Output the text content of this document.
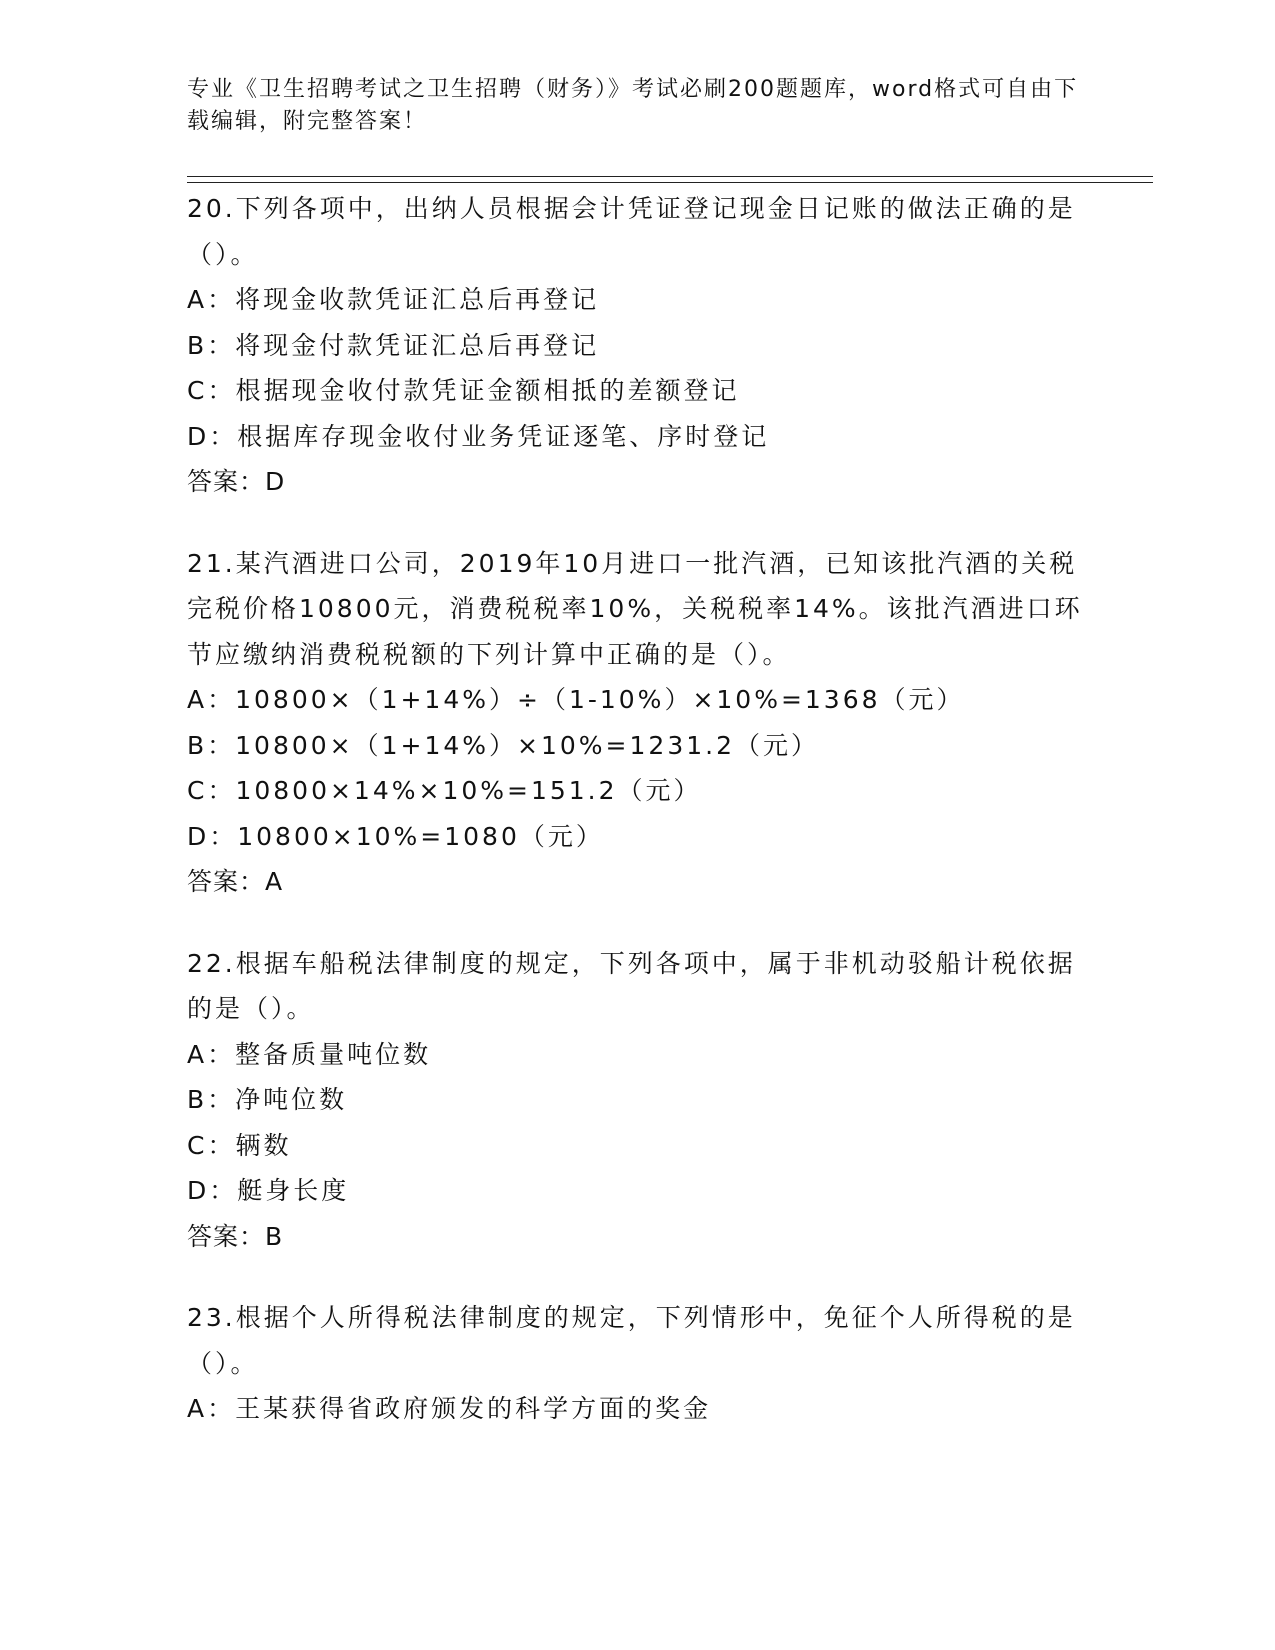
专业《卫生招聘考试之卫生招聘（财务）》考试必刷200题题库，word格式可自由下载编辑，附完整答案！
20.下列各项中，出纳人员根据会计凭证登记现金日记账的做法正确的是（）。
A：将现金收款凭证汇总后再登记
B：将现金付款凭证汇总后再登记
C：根据现金收付款凭证金额相抵的差额登记
D：根据库存现金收付业务凭证逐笔、序时登记
答案：D
21.某汽酒进口公司，2019年10月进口一批汽酒，已知该批汽酒的关税完税价格10800元，消费税税率10%，关税税率14%。该批汽酒进口环节应缴纳消费税税额的下列计算中正确的是（）。
A：10800×（1+14%）÷（1-10%）×10%=1368（元）
B：10800×（1+14%）×10%=1231.2（元）
C：10800×14%×10%=151.2（元）
D：10800×10%=1080（元）
答案：A
22.根据车船税法律制度的规定，下列各项中，属于非机动驳船计税依据的是（）。
A：整备质量吨位数
B：净吨位数
C：辆数
D：艇身长度
答案：B
23.根据个人所得税法律制度的规定，下列情形中，免征个人所得税的是（）。
A：王某获得省政府颁发的科学方面的奖金
